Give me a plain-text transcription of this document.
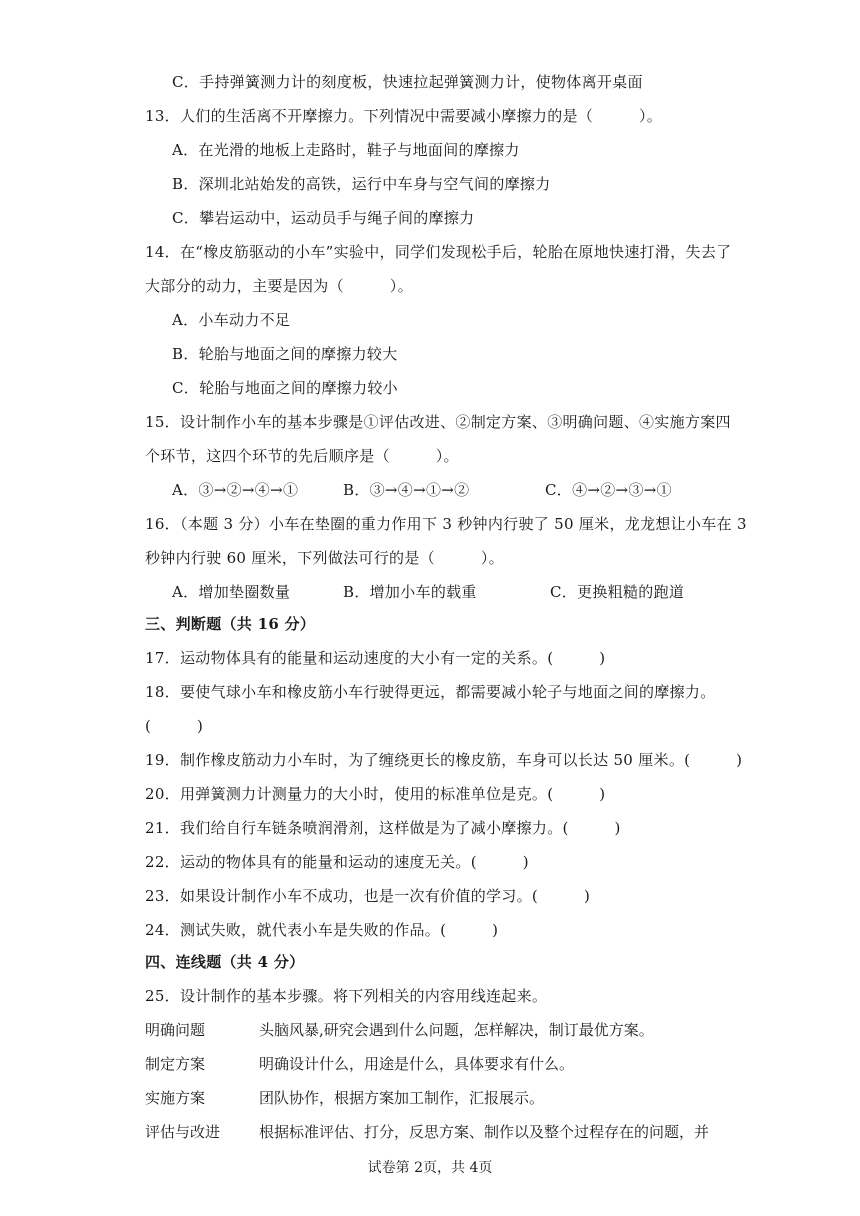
C．手持弹簧测力计的刻度板，快速拉起弹簧测力计，使物体离开桌面
13．人们的生活离不开摩擦力。下列情况中需要减小摩擦力的是（　　　）。
A．在光滑的地板上走路时，鞋子与地面间的摩擦力
B．深圳北站始发的高铁，运行中车身与空气间的摩擦力
C．攀岩运动中，运动员手与绳子间的摩擦力
14．在“橡皮筋驱动的小车”实验中，同学们发现松手后，轮胎在原地快速打滑，失去了
大部分的动力，主要是因为（　　　）。
A．小车动力不足
B．轮胎与地面之间的摩擦力较大
C．轮胎与地面之间的摩擦力较小
15．设计制作小车的基本步骤是①评估改进、②制定方案、③明确问题、④实施方案四
个环节，这四个环节的先后顺序是（　　　）。
A．③→②→④→①	B．③→④→①→②	C．④→②→③→①
16．（本题 3 分）小车在垫圈的重力作用下 3 秒钟内行驶了 50 厘米，龙龙想让小车在 3
秒钟内行驶 60 厘米，下列做法可行的是（　　　）。
A．增加垫圈数量	B．增加小车的载重	C．更换粗糙的跑道
三、判断题（共 16 分）
17．运动物体具有的能量和运动速度的大小有一定的关系。(　　　)
18．要使气球小车和橡皮筋小车行驶得更远，都需要减小轮子与地面之间的摩擦力。
(　　　)
19．制作橡皮筋动力小车时，为了缠绕更长的橡皮筋，车身可以长达 50 厘米。(　　　)
20．用弹簧测力计测量力的大小时，使用的标准单位是克。(　　　)
21．我们给自行车链条喷润滑剂，这样做是为了减小摩擦力。(　　　)
22．运动的物体具有的能量和运动的速度无关。(　　　)
23．如果设计制作小车不成功，也是一次有价值的学习。(　　　)
24．测试失败，就代表小车是失败的作品。(　　　)
四、连线题（共 4 分）
25．设计制作的基本步骤。将下列相关的内容用线连起来。
明确问题	头脑风暴,研究会遇到什么问题，怎样解决，制订最优方案。
制定方案	明确设计什么，用途是什么，具体要求有什么。
实施方案	团队协作，根据方案加工制作，汇报展示。
评估与改进	根据标准评估、打分，反思方案、制作以及整个过程存在的问题，并
试卷第 2页，共 4页
